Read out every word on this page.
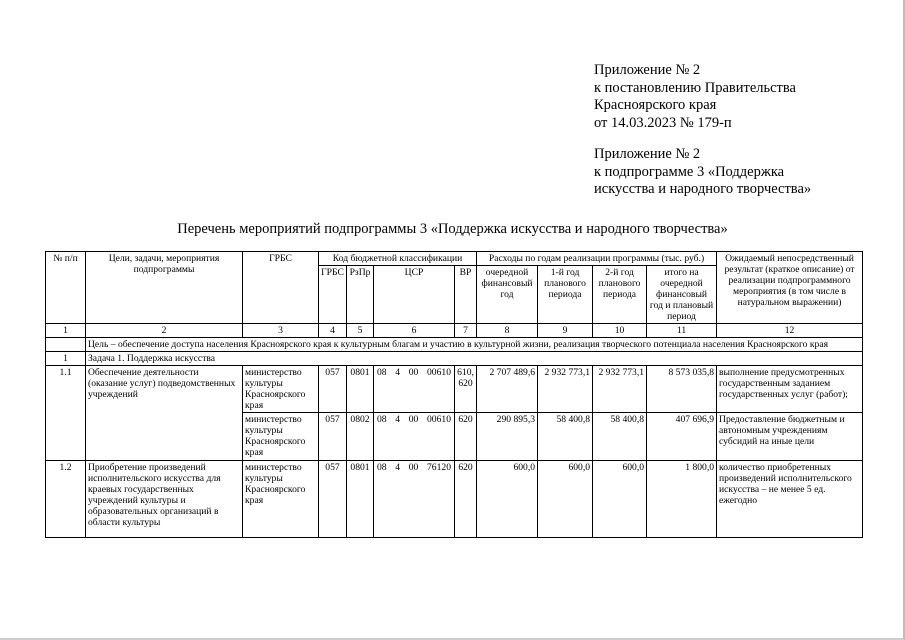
Приложение № 2
к постановлению Правительства
Красноярского края
от 14.03.2023 № 179-п
Приложение № 2
к подпрограмме 3 «Поддержка
искусства и народного творчества»
Перечень мероприятий подпрограммы 3 «Поддержка искусства и народного творчества»
№ п/п	Цели, задачи, мероприятия подпрограммы	ГРБС	Код бюджетной классификации				Расходы по годам реализации программы (тыс. руб.)				Ожидаемый непосредственный результат (краткое описание) от реализации подпрограммного мероприятия (в том числе в натуральном выражении)
			ГРБС	РзПр	ЦСР	ВР	очередной финансовый год	1-й год планового периода	2-й год планового периода	итого на очередной финансовый год и плановый период	
1	2	3	4	5	6	7	8	9	10	11	12
	Цель – обеспечение доступа населения Красноярского края к культурным благам и участию в культурной жизни, реализация творческого потенциала населения Красноярского края										
1	Задача 1. Поддержка искусства										
1.1	Обеспечение деятельности (оказание услуг) подведомственных учреждений	министерство культуры Красноярского края	057	0801	08 4 00 00610	610, 620	2 707 489,6	2 932 773,1	2 932 773,1	8 573 035,8	выполнение предусмотренных государственным заданием государственных услуг (работ);
		министерство культуры Красноярского края	057	0802	08 4 00 00610	620	290 895,3	58 400,8	58 400,8	407 696,9	Предоставление бюджетным и автономным учреждениям субсидий на иные цели
1.2	Приобретение произведений исполнительского искусства для краевых государственных учреждений культуры и образовательных организаций в области культуры	министерство культуры Красноярского края	057	0801	08 4 00 76120	620	600,0	600,0	600,0	1 800,0	количество приобретенных произведений исполнительского искусства – не менее 5 ед. ежегодно
